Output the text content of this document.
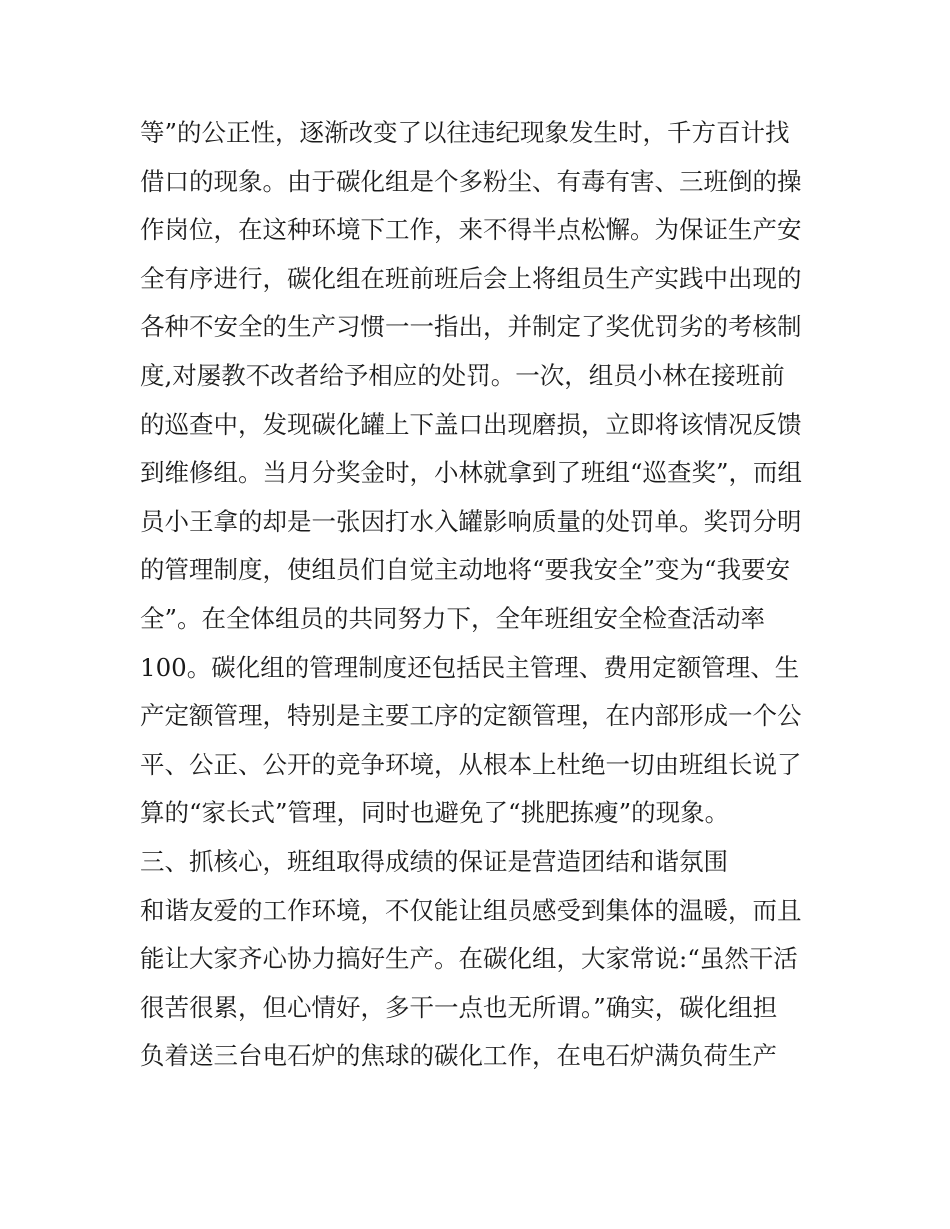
等”的公正性，逐渐改变了以往违纪现象发生时，千方百计找
借口的现象。由于碳化组是个多粉尘、有毒有害、三班倒的操
作岗位，在这种环境下工作，来不得半点松懈。为保证生产安
全有序进行，碳化组在班前班后会上将组员生产实践中出现的
各种不安全的生产习惯一一指出，并制定了奖优罚劣的考核制
度,对屡教不改者给予相应的处罚。一次，组员小林在接班前
的巡查中，发现碳化罐上下盖口出现磨损，立即将该情况反馈
到维修组。当月分奖金时，小林就拿到了班组“巡查奖”，而组
员小王拿的却是一张因打水入罐影响质量的处罚单。奖罚分明
的管理制度，使组员们自觉主动地将“要我安全”变为“我要安
全”。在全体组员的共同努力下，全年班组安全检查活动率
100。碳化组的管理制度还包括民主管理、费用定额管理、生
产定额管理，特别是主要工序的定额管理，在内部形成一个公
平、公正、公开的竞争环境，从根本上杜绝一切由班组长说了
算的“家长式”管理，同时也避免了“挑肥拣瘦”的现象。
三、抓核心，班组取得成绩的保证是营造团结和谐氛围
和谐友爱的工作环境，不仅能让组员感受到集体的温暖，而且
能让大家齐心协力搞好生产。在碳化组，大家常说:“虽然干活
很苦很累，但心情好，多干一点也无所谓。”确实，碳化组担
负着送三台电石炉的焦球的碳化工作，在电石炉满负荷生产
